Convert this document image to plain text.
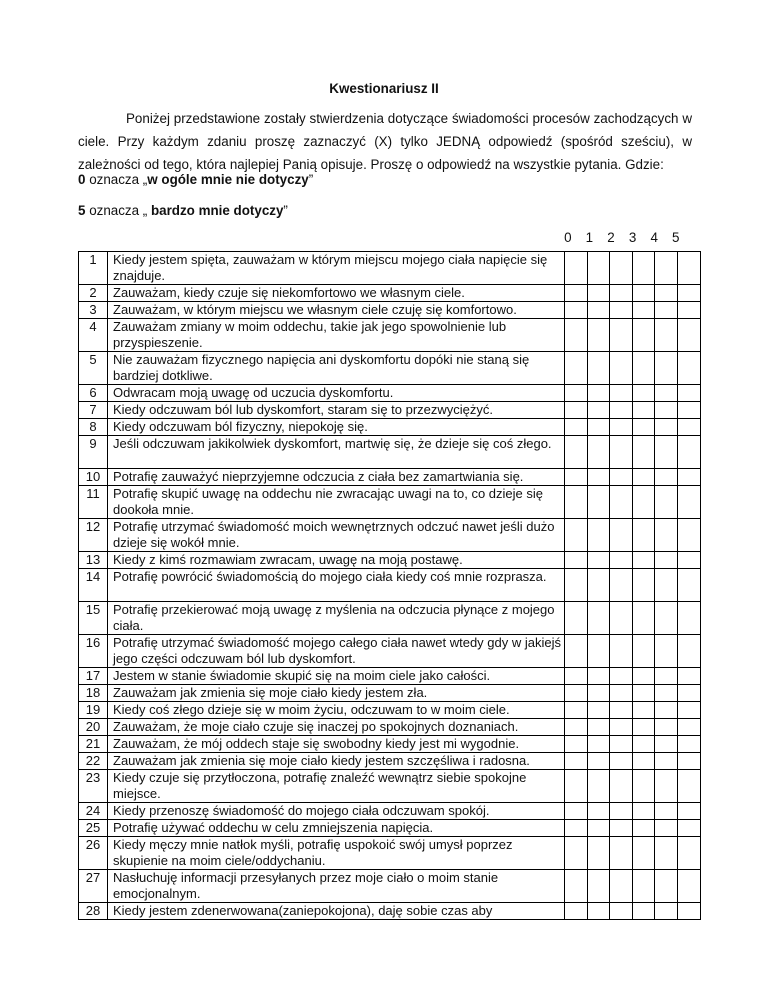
Kwestionariusz II

Poniżej przedstawione zostały stwierdzenia dotyczące świadomości procesów zachodzących w ciele. Przy każdym zdaniu proszę zaznaczyć (X) tylko JEDNĄ odpowiedź (spośród sześciu), w zależności od tego, która najlepiej Panią opisuje. Proszę o odpowiedź na wszystkie pytania. Gdzie:

0 oznacza „w ogóle mnie nie dotyczy”
5 oznacza „ bardzo mnie dotyczy”
0	1	2	3	4	5
1	Kiedy jestem spięta, zauważam w którym miejscu mojego ciała napięcie się znajduje.						
2	Zauważam, kiedy czuje się niekomfortowo we własnym ciele.						
3	Zauważam, w którym miejscu we własnym ciele czuję się komfortowo.						
4	Zauważam zmiany w moim oddechu, takie jak jego spowolnienie lub przyspieszenie.						
5	Nie zauważam fizycznego napięcia ani dyskomfortu dopóki nie staną się bardziej dotkliwe.						
6	Odwracam moją uwagę od uczucia dyskomfortu.						
7	Kiedy odczuwam ból lub dyskomfort, staram się to przezwyciężyć.						
8	Kiedy odczuwam ból fizyczny, niepokoję się.						
9	Jeśli odczuwam jakikolwiek dyskomfort, martwię się, że dzieje się coś złego.						
10	Potrafię zauważyć nieprzyjemne odczucia z ciała bez zamartwiania się.						
11	Potrafię skupić uwagę na oddechu nie zwracając uwagi na to, co dzieje się dookoła mnie.						
12	Potrafię utrzymać świadomość moich wewnętrznych odczuć nawet jeśli dużo dzieje się wokół mnie.						
13	Kiedy z kimś rozmawiam zwracam, uwagę na moją postawę.						
14	Potrafię powrócić świadomością do mojego ciała kiedy coś mnie rozprasza.						
15	Potrafię przekierować moją uwagę z myślenia na odczucia płynące z mojego ciała.						
16	Potrafię utrzymać świadomość mojego całego ciała nawet wtedy gdy w jakiejś jego części odczuwam ból lub dyskomfort.						
17	Jestem w stanie świadomie skupić się na moim ciele jako całości.						
18	Zauważam jak zmienia się moje ciało kiedy jestem zła.						
19	Kiedy coś złego dzieje się w moim życiu, odczuwam to w moim ciele.						
20	Zauważam, że moje ciało czuje się inaczej po spokojnych doznaniach.						
21	Zauważam, że mój oddech staje się swobodny kiedy jest mi wygodnie.						
22	Zauważam jak zmienia się moje ciało kiedy jestem szczęśliwa i radosna.						
23	Kiedy czuje się przytłoczona, potrafię znaleźć wewnątrz siebie spokojne miejsce.						
24	Kiedy przenoszę świadomość do mojego ciała odczuwam spokój.						
25	Potrafię używać oddechu w celu zmniejszenia napięcia.						
26	Kiedy męczy mnie natłok myśli, potrafię uspokoić swój umysł poprzez skupienie na moim ciele/oddychaniu.						
27	Nasłuchuję informacji przesyłanych przez moje ciało o moim stanie emocjonalnym.						
28	Kiedy jestem zdenerwowana(zaniepokojona), daję sobie czas aby						
